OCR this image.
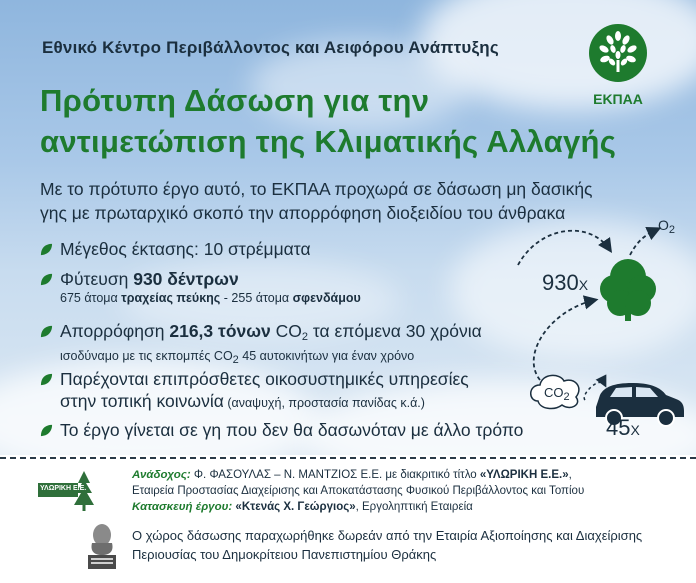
Εθνικό Κέντρο Περιβάλλοντος και Αειφόρου Ανάπτυξης
Πρότυπη Δάσωση για την
αντιμετώπιση της Κλιματικής Αλλαγής
ΕΚΠΑΑ
Με το πρότυπο έργο αυτό, το ΕΚΠΑΑ προχωρά σε δάσωση μη δασικής
γης με πρωταρχικό σκοπό την απορρόφηση διοξειδίου του άνθρακα
Μέγεθος έκτασης: 10 στρέμματα
Φύτευση 930 δέντρων
675 άτομα τραχείας πεύκης - 255 άτομα σφενδάμου
Απορρόφηση 216,3 τόνων $CO_2$ τα επόμενα 30 χρόνια
ισοδύναμο με τις εκπομπές CO2 45 αυτοκινήτων για έναν χρόνο
Παρέχονται επιπρόσθετες οικοσυστημικές υπηρεσίες
στην τοπική κοινωνία (αναψυχή, προστασία πανίδας κ.ά.)
Το έργο γίνεται σε γη που δεν θα δασωνόταν με άλλο τρόπο
$O_2$
930X
$CO_2$
45X
ΥΛΩΡΙΚΗ Ε.Ε.
Ανάδοχος: Φ. ΦΑΣΟΥΛΑΣ – Ν. ΜΑΝΤΖΙΟΣ Ε.Ε. με διακριτικό τίτλο «ΥΛΩΡΙΚΗ Ε.Ε.»,
Εταιρεία Προστασίας Διαχείρισης και Αποκατάστασης Φυσικού Περιβάλλοντος και Τοπίου
Κατασκευή έργου: «Κτενάς Χ. Γεώργιος», Εργοληπτική Εταιρεία
Ο χώρος δάσωσης παραχωρήθηκε δωρεάν από την Εταιρία Αξιοποίησης και Διαχείρισης
Περιουσίας του Δημοκρίτειου Πανεπιστημίου Θράκης
